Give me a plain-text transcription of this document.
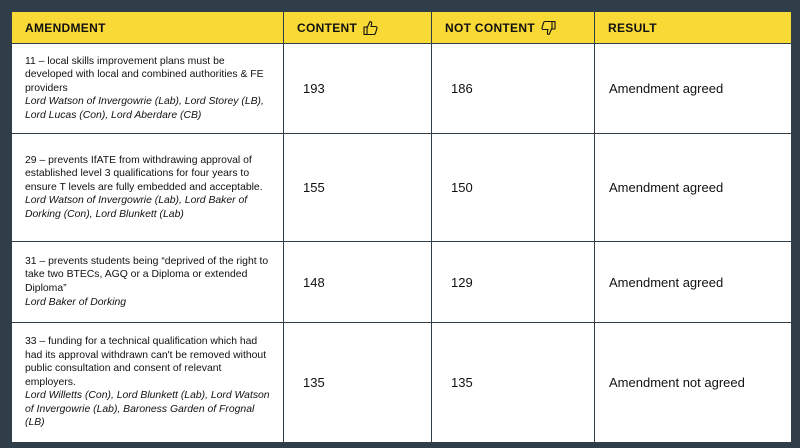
AMENDMENT	CONTENT	NOT CONTENT	RESULT

11 – local skills improvement plans must be developed with local and combined authorities & FE providers
Lord Watson of Invergowrie (Lab), Lord Storey (LB), Lord Lucas (Con), Lord Aberdare (CB)	193	186	Amendment agreed

29 – prevents IfATE from withdrawing approval of established level 3 qualifications for four years to ensure T levels are fully embedded and acceptable.
Lord Watson of Invergowrie (Lab), Lord Baker of Dorking (Con), Lord Blunkett (Lab)	155	150	Amendment agreed

31 – prevents students being “deprived of the right to take two BTECs, AGQ or a Diploma or extended Diploma”
Lord Baker of Dorking	148	129	Amendment agreed

33 – funding for a technical qualification which had had its approval withdrawn can't be removed without public consultation and consent of relevant employers.
Lord Willetts (Con), Lord Blunkett (Lab), Lord Watson of Invergowrie (Lab), Baroness Garden of Frognal (LB)	135	135	Amendment not agreed
